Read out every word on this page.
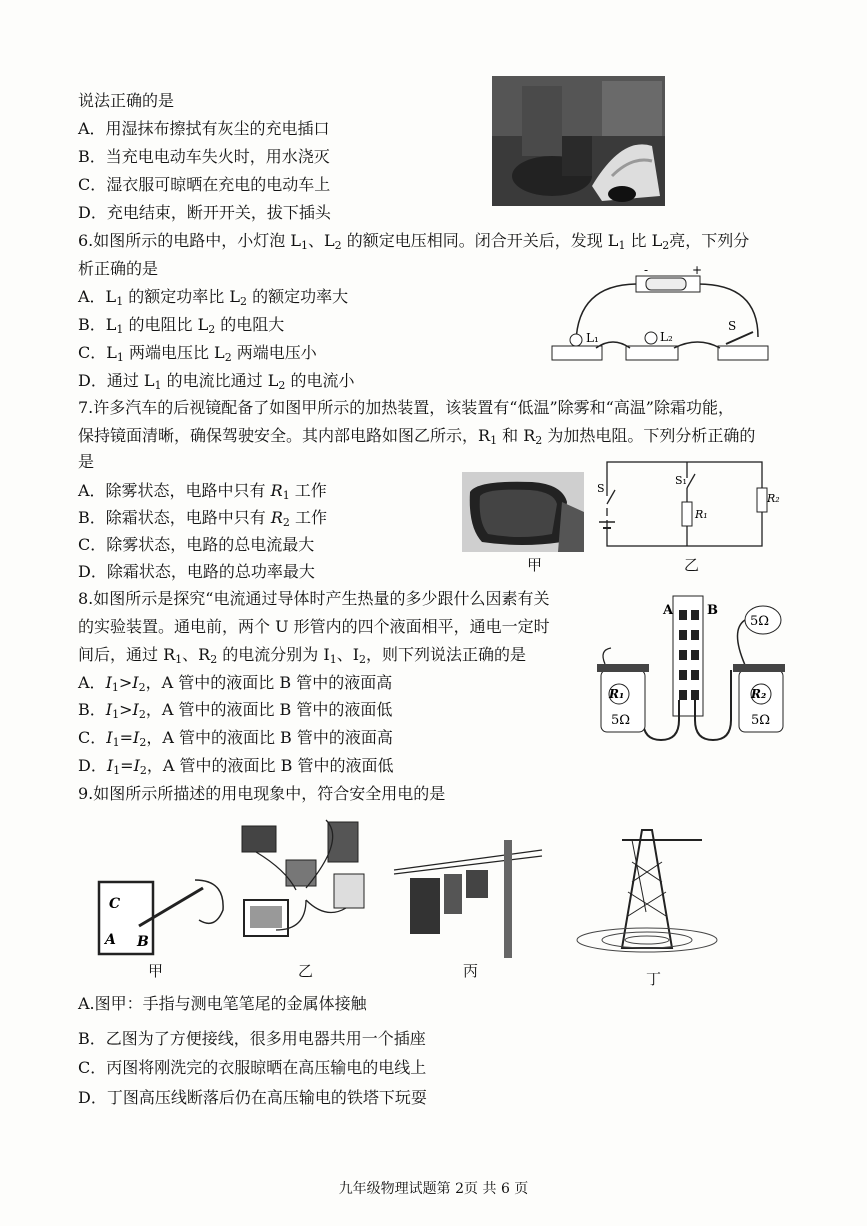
说法正确的是
A．用湿抹布擦拭有灰尘的充电插口
B．当充电电动车失火时，用水浇灭
C．湿衣服可晾晒在充电的电动车上
D．充电结束，断开开关，拔下插头
6.如图所示的电路中，小灯泡 $L_1$、$L_2$ 的额定电压相同。闭合开关后，发现 $L_1$ 比 $L_2$亮，下列分
析正确的是
A．$L_1$ 的额定功率比 $L_2$ 的额定功率大
B．$L_1$ 的电阻比 $L_2$ 的电阻大
C．$L_1$ 两端电压比 $L_2$ 两端电压小
D．通过 $L_1$ 的电流比通过 $L_2$ 的电流小
-	+
L₁	L₂
S
7.许多汽车的后视镜配备了如图甲所示的加热装置，该装置有“低温”除雾和“高温”除霜功能，
保持镜面清晰，确保驾驶安全。其内部电路如图乙所示，$R_1$ 和 $R_2$ 为加热电阻。下列分析正确的
是
A．除雾状态，电路中只有 $R_1$ 工作
B．除霜状态，电路中只有 $R_2$ 工作
C．除雾状态，电路的总电流最大
D．除霜状态，电路的总功率最大	甲
S
S₁
R₁
R₂
乙
8.如图所示是探究“电流通过导体时产生热量的多少跟什么因素有关
的实验装置。通电前，两个 U 形管内的四个液面相平，通电一定时
间后，通过 $R_1$、$R_2$ 的电流分别为 $I_1$、$I_2$，则下列说法正确的是
A．$I_1>I_2$，A 管中的液面比 B 管中的液面高
B．$I_1>I_2$，A 管中的液面比 B 管中的液面低
C．$I_1=I_2$，A 管中的液面比 B 管中的液面高
D．$I_1=I_2$，A 管中的液面比 B 管中的液面低
A	B
5Ω
R₁
5Ω
R₂
5Ω
9.如图所示所描述的用电现象中，符合安全用电的是
C
A B
甲	乙	丙	丁
A.图甲：手指与测电笔笔尾的金属体接触
B．乙图为了方便接线，很多用电器共用一个插座
C．丙图将刚洗完的衣服晾晒在高压输电的电线上
D．丁图高压线断落后仍在高压输电的铁塔下玩耍
九年级物理试题第 2页 共 6 页
